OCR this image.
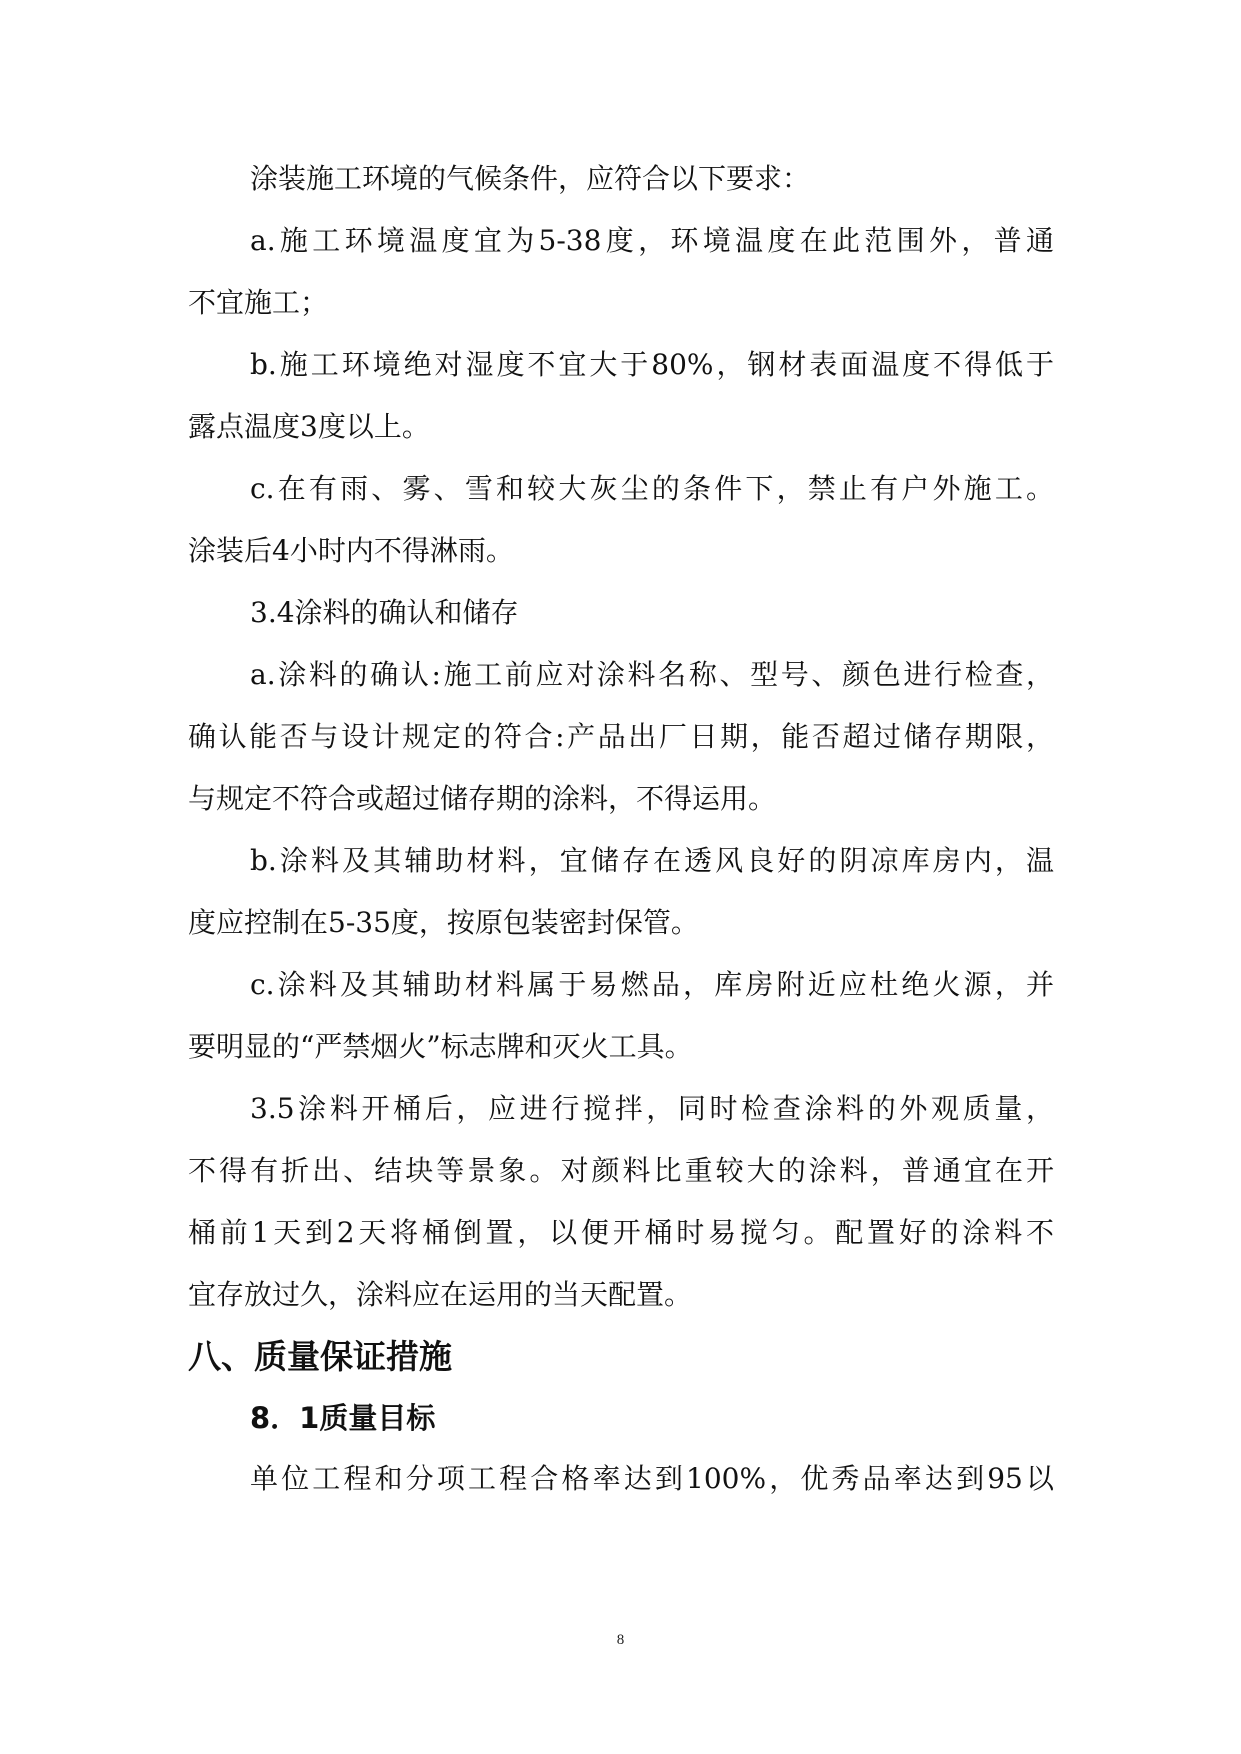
涂装施工环境的气候条件，应符合以下要求：

a.施工环境温度宜为5-38度，环境温度在此范围外，普通

不宜施工；

b.施工环境绝对湿度不宜大于80%，钢材表面温度不得低于

露点温度3度以上。

c.在有雨、雾、雪和较大灰尘的条件下，禁止有户外施工。

涂装后4小时内不得淋雨。

3.4涂料的确认和储存

a.涂料的确认:施工前应对涂料名称、型号、颜色进行检查，

确认能否与设计规定的符合:产品出厂日期，能否超过储存期限，

与规定不符合或超过储存期的涂料，不得运用。

b.涂料及其辅助材料，宜储存在透风良好的阴凉库房内，温

度应控制在5-35度，按原包装密封保管。

c.涂料及其辅助材料属于易燃品，库房附近应杜绝火源，并

要明显的“严禁烟火”标志牌和灭火工具。

3.5涂料开桶后，应进行搅拌，同时检查涂料的外观质量，

不得有折出、结块等景象。对颜料比重较大的涂料，普通宜在开

桶前1天到2天将桶倒置，以便开桶时易搅匀。配置好的涂料不

宜存放过久，涂料应在运用的当天配置。

八、质量保证措施
8．1质量目标

单位工程和分项工程合格率达到100%，优秀品率达到95以

8
